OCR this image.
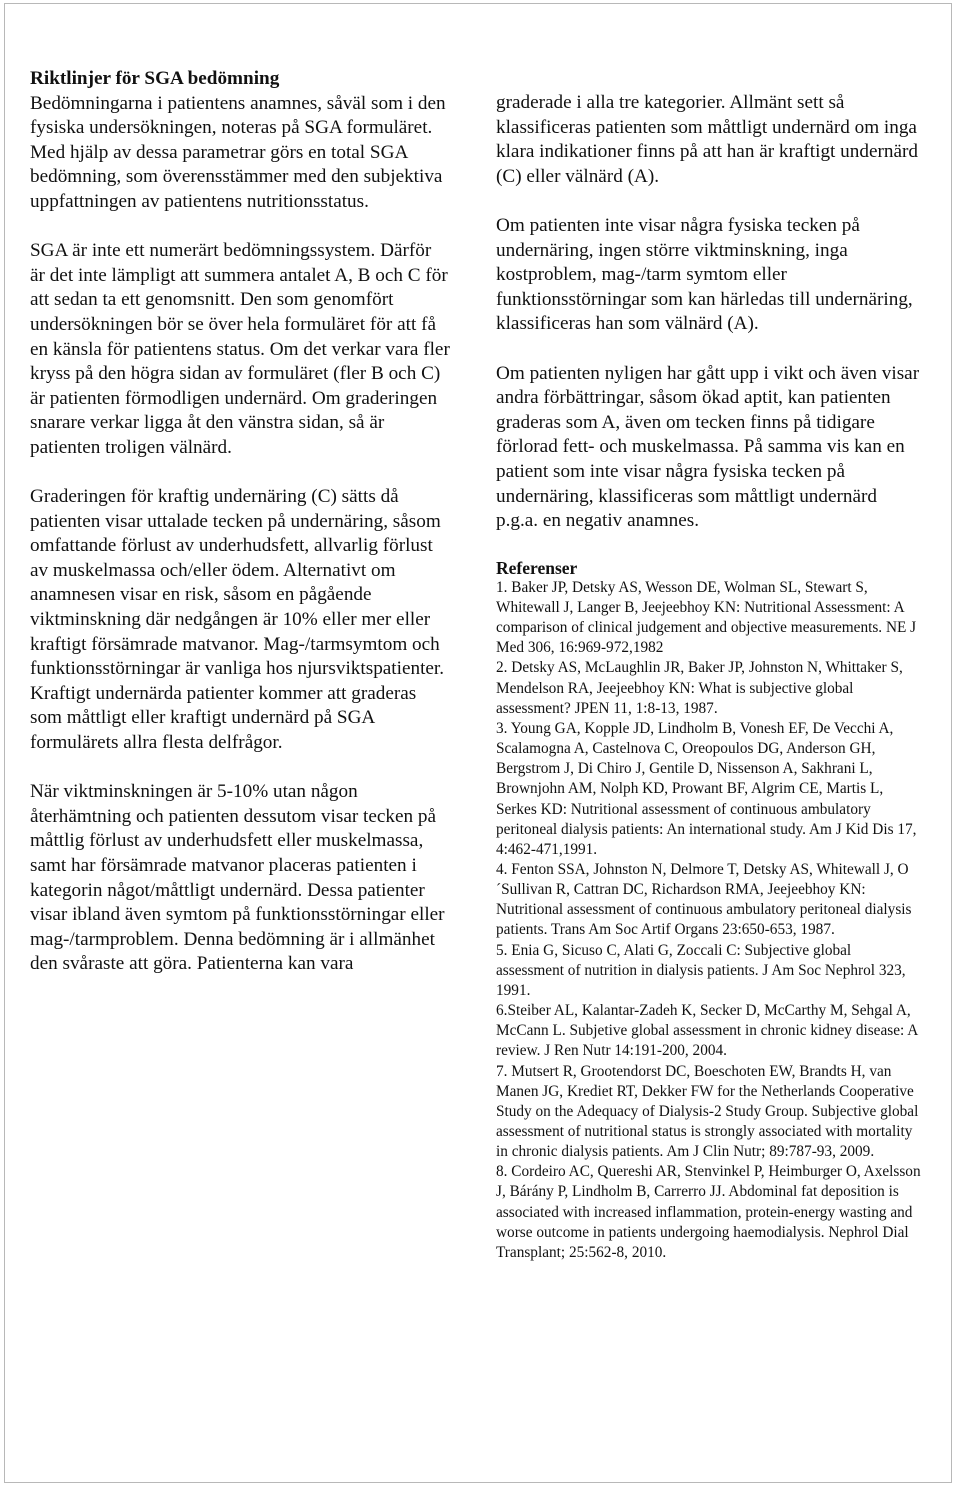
Riktlinjer för SGA bedömning

Bedömningarna i patientens anamnes, såväl som i den fysiska undersökningen, noteras på SGA formuläret. Med hjälp av dessa parametrar görs en total SGA bedömning, som överensstämmer med den subjektiva uppfattningen av patientens nutritionsstatus.

SGA är inte ett numerärt bedömningssystem. Därför är det inte lämpligt att summera antalet A, B och C för att sedan ta ett genomsnitt. Den som genomfört undersökningen bör se över hela formuläret för att få en känsla för patientens status. Om det verkar vara fler kryss på den högra sidan av formuläret (fler B och C) är patienten förmodligen undernärd. Om graderingen snarare verkar ligga åt den vänstra sidan, så är patienten troligen välnärd.

Graderingen för kraftig undernäring (C) sätts då patienten visar uttalade tecken på undernäring, såsom omfattande förlust av underhudsfett, allvarlig förlust av muskelmassa och/eller ödem. Alternativt om anamnesen visar en risk, såsom en pågående viktminskning där nedgången är 10% eller mer eller kraftigt försämrade matvanor. Mag-/tarmsymtom och funktionsstörningar är vanliga hos njursviktspatienter. Kraftigt undernärda patienter kommer att graderas som måttligt eller kraftigt undernärd på SGA formulärets allra flesta delfrågor.

När viktminskningen är 5-10% utan någon återhämtning och patienten dessutom visar tecken på måttlig förlust av underhudsfett eller muskelmassa, samt har försämrade matvanor placeras patienten i kategorin något/måttligt undernärd. Dessa patienter visar ibland även symtom på funktionsstörningar eller mag-/tarmproblem. Denna bedömning är i allmänhet den svåraste att göra. Patienterna kan vara

graderade i alla tre kategorier. Allmänt sett så klassificeras patienten som måttligt undernärd om inga klara indikationer finns på att han är kraftigt undernärd (C) eller välnärd (A).

Om patienten inte visar några fysiska tecken på undernäring, ingen större viktminskning, inga kostproblem, mag-/tarm symtom eller funktionsstörningar som kan härledas till undernäring, klassificeras han som välnärd (A).

Om patienten nyligen har gått upp i vikt och även visar andra förbättringar, såsom ökad aptit, kan patienten graderas som A, även om tecken finns på tidigare förlorad fett- och muskelmassa. På samma vis kan en patient som inte visar några fysiska tecken på undernäring, klassificeras som måttligt undernärd p.g.a. en negativ anamnes.

Referenser

1. Baker JP, Detsky AS, Wesson DE, Wolman SL, Stewart S, Whitewall J, Langer B, Jeejeebhoy KN: Nutritional Assessment: A comparison of clinical judgement and objective measurements. NE J Med 306, 16:969-972,1982

2. Detsky AS, McLaughlin JR, Baker JP, Johnston N, Whittaker S, Mendelson RA, Jeejeebhoy KN: What is subjective global assessment? JPEN 11, 1:8-13, 1987.

3. Young GA, Kopple JD, Lindholm B, Vonesh EF, De Vecchi A, Scalamogna A, Castelnova C, Oreopoulos DG, Anderson GH, Bergstrom J, Di Chiro J, Gentile D, Nissenson A, Sakhrani L, Brownjohn AM, Nolph KD, Prowant BF, Algrim CE, Martis L, Serkes KD: Nutritional assessment of continuous ambulatory peritoneal dialysis patients: An international study. Am J Kid Dis 17, 4:462-471,1991.

4. Fenton SSA, Johnston N, Delmore T, Detsky AS, Whitewall J, O´Sullivan R, Cattran DC, Richardson RMA, Jeejeebhoy KN: Nutritional assessment of continuous ambulatory peritoneal dialysis patients. Trans Am Soc Artif Organs 23:650-653, 1987.

5. Enia G, Sicuso C, Alati G, Zoccali C: Subjective global assessment of nutrition in dialysis patients. J Am Soc Nephrol 323, 1991.

6.Steiber AL, Kalantar-Zadeh K, Secker D, McCarthy M, Sehgal A, McCann L. Subjetive global assessment in chronic kidney disease: A review. J Ren Nutr 14:191-200, 2004.

7. Mutsert R, Grootendorst DC, Boeschoten EW, Brandts H, van Manen JG, Krediet RT, Dekker FW for the Netherlands Cooperative Study on the Adequacy of Dialysis-2 Study Group. Subjective global assessment of nutritional status is strongly associated with mortality in chronic dialysis patients. Am J Clin Nutr; 89:787-93, 2009.

8. Cordeiro AC, Quereshi AR, Stenvinkel P, Heimburger O, Axelsson J, Bárány P, Lindholm B, Carrerro JJ. Abdominal fat deposition is associated with increased inflammation, protein-energy wasting and worse outcome in patients undergoing haemodialysis. Nephrol Dial Transplant; 25:562-8, 2010.
